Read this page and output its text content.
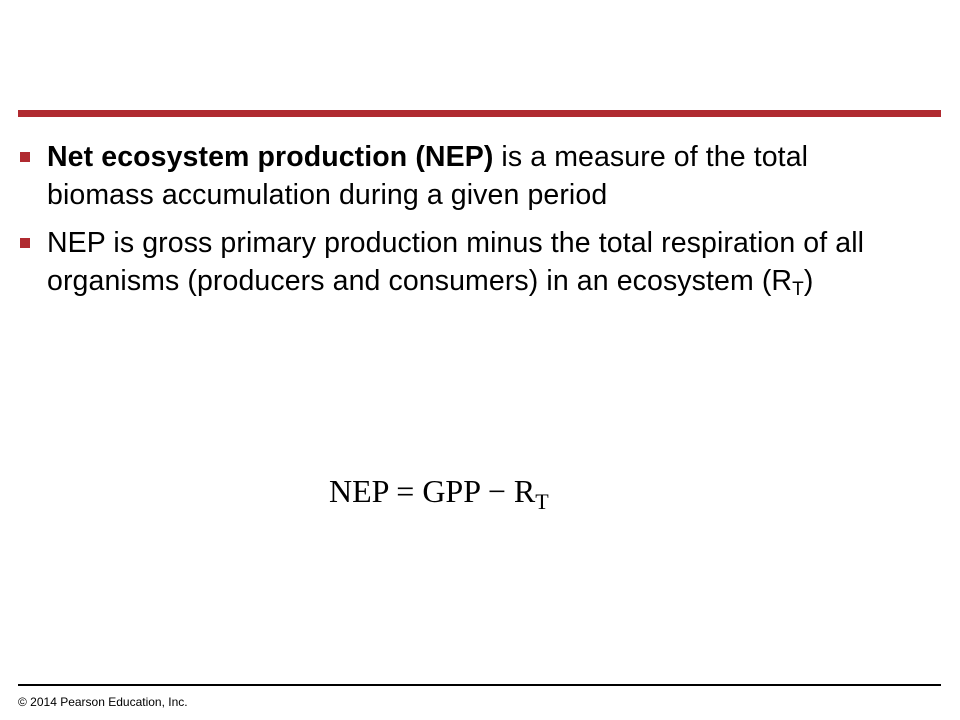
Net ecosystem production (NEP) is a measure of the total biomass accumulation during a given period
NEP is gross primary production minus the total respiration of all organisms (producers and consumers) in an ecosystem $(R_T)$
NEP = GPP − $R_T$
© 2014 Pearson Education, Inc.
